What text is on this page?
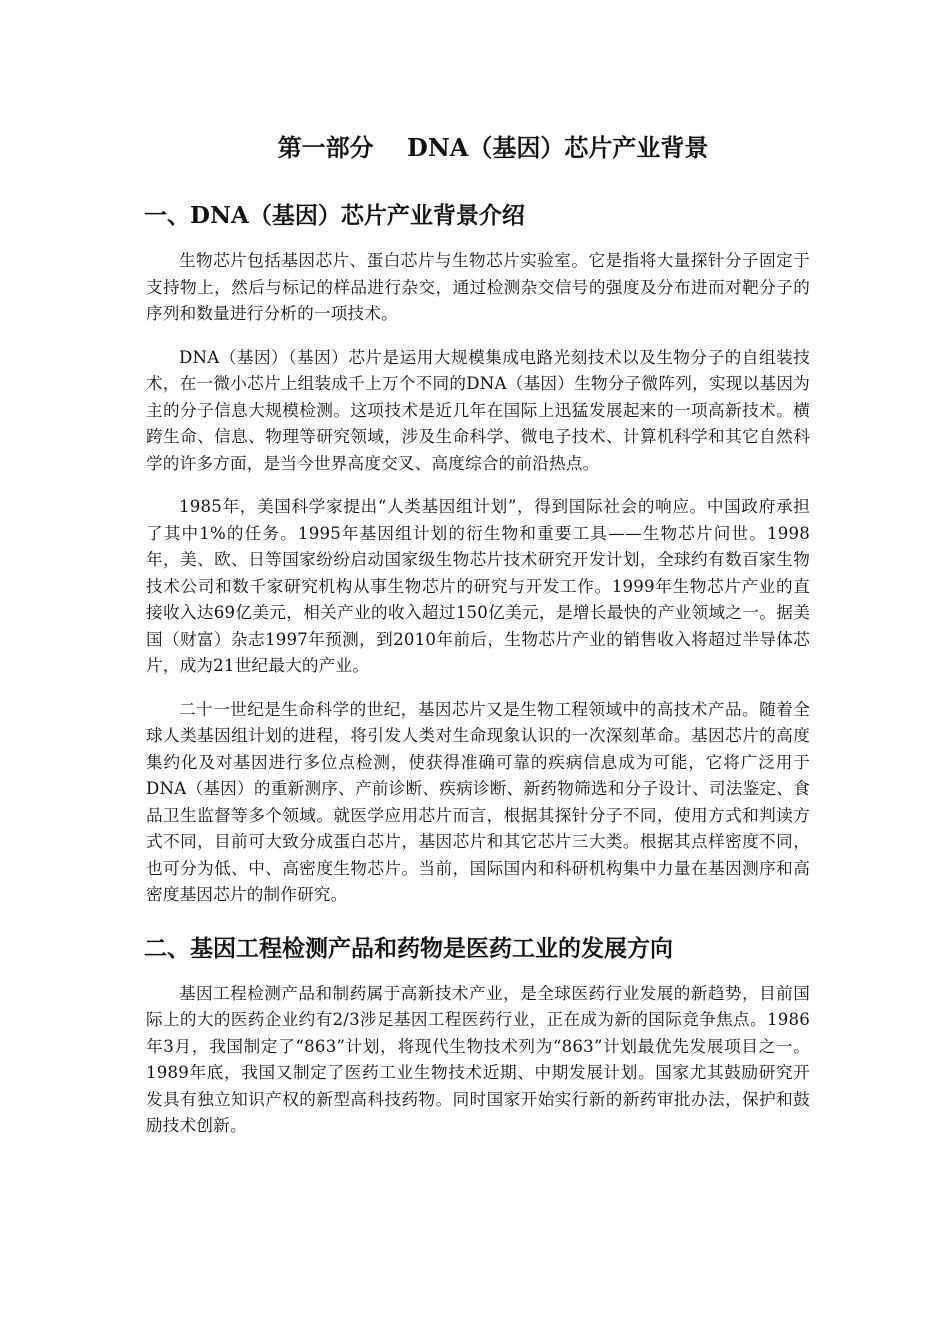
第一部分    DNA（基因）芯片产业背景
一、DNA（基因）芯片产业背景介绍

生物芯片包括基因芯片、蛋白芯片与生物芯片实验室。它是指将大量探针分子固定于支持物上，然后与标记的样品进行杂交，通过检测杂交信号的强度及分布进而对靶分子的序列和数量进行分析的一项技术。

DNA（基因）（基因）芯片是运用大规模集成电路光刻技术以及生物分子的自组装技术，在一微小芯片上组装成千上万个不同的DNA（基因）生物分子微阵列，实现以基因为主的分子信息大规模检测。这项技术是近几年在国际上迅猛发展起来的一项高新技术。横跨生命、信息、物理等研究领域，涉及生命科学、微电子技术、计算机科学和其它自然科学的许多方面，是当今世界高度交叉、高度综合的前沿热点。

1985年，美国科学家提出“人类基因组计划”，得到国际社会的响应。中国政府承担了其中1%的任务。1995年基因组计划的衍生物和重要工具——生物芯片问世。1998年，美、欧、日等国家纷纷启动国家级生物芯片技术研究开发计划，全球约有数百家生物技术公司和数千家研究机构从事生物芯片的研究与开发工作。1999年生物芯片产业的直接收入达69亿美元，相关产业的收入超过150亿美元，是增长最快的产业领域之一。据美国（财富）杂志1997年预测，到2010年前后，生物芯片产业的销售收入将超过半导体芯片，成为21世纪最大的产业。

二十一世纪是生命科学的世纪，基因芯片又是生物工程领域中的高技术产品。随着全球人类基因组计划的进程，将引发人类对生命现象认识的一次深刻革命。基因芯片的高度集约化及对基因进行多位点检测，使获得准确可靠的疾病信息成为可能，它将广泛用于DNA（基因）的重新测序、产前诊断、疾病诊断、新药物筛选和分子设计、司法鉴定、食品卫生监督等多个领域。就医学应用芯片而言，根据其探针分子不同，使用方式和判读方式不同，目前可大致分成蛋白芯片，基因芯片和其它芯片三大类。根据其点样密度不同，也可分为低、中、高密度生物芯片。当前，国际国内和科研机构集中力量在基因测序和高密度基因芯片的制作研究。

二、基因工程检测产品和药物是医药工业的发展方向

基因工程检测产品和制药属于高新技术产业，是全球医药行业发展的新趋势，目前国际上的大的医药企业约有2/3涉足基因工程医药行业，正在成为新的国际竞争焦点。1986年3月，我国制定了“863”计划，将现代生物技术列为“863”计划最优先发展项目之一。1989年底，我国又制定了医药工业生物技术近期、中期发展计划。国家尤其鼓励研究开发具有独立知识产权的新型高科技药物。同时国家开始实行新的新药审批办法，保护和鼓励技术创新。
